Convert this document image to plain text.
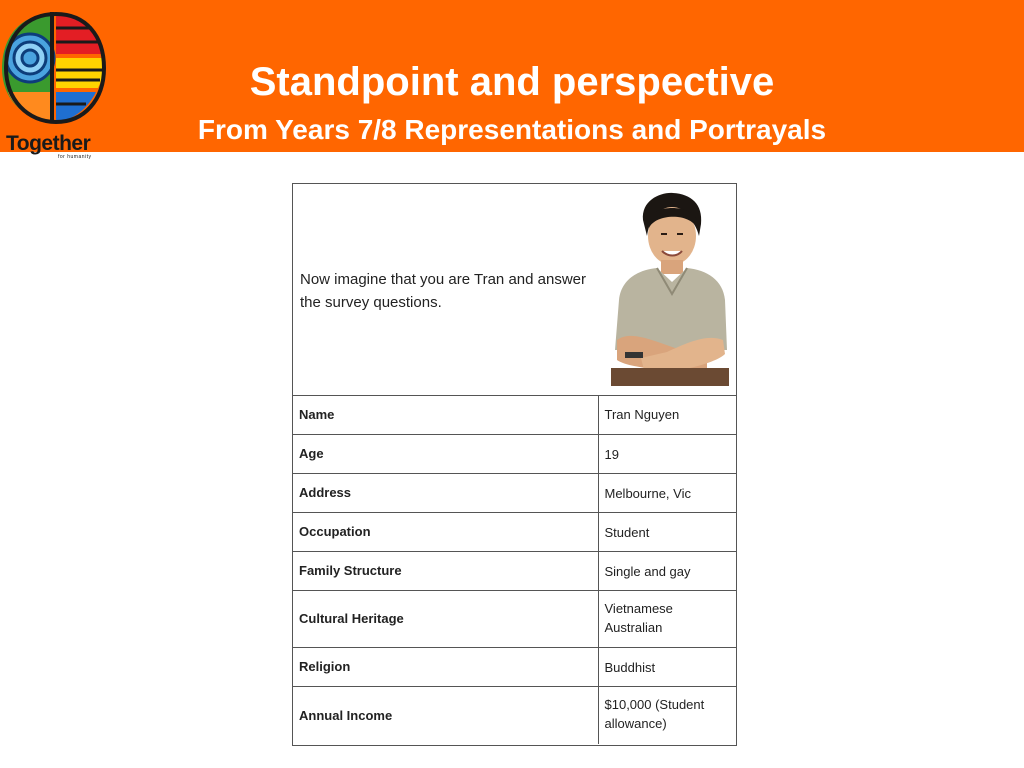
Together
for humanity
Standpoint and perspective
From Years 7/8 Representations and Portrayals
Now imagine that you are Tran and answer the survey questions.
Name	Tran Nguyen
Age	19
Address	Melbourne, Vic
Occupation	Student
Family Structure	Single and gay
Cultural Heritage	Vietnamese Australian
Religion	Buddhist
Annual Income	$10,000 (Student allowance)
